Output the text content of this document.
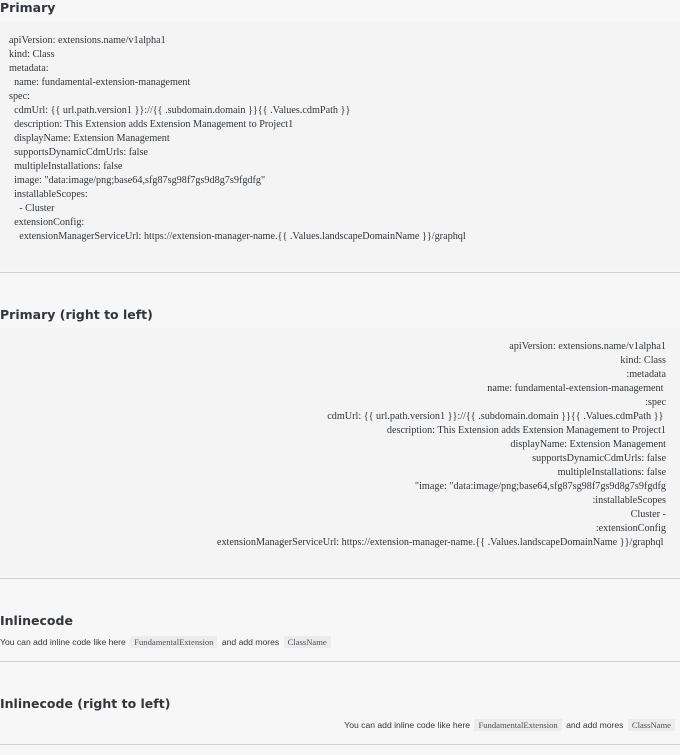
Primary
apiVersion: extensions.name/v1alpha1
kind: Class
metadata:
name: fundamental-extension-management
spec:
cdmUrl: {{ url.path.version1 }}://{{ .subdomain.domain }}{{ .Values.cdmPath }}
description: This Extension adds Extension Management to Project1
displayName: Extension Management
supportsDynamicCdmUrls: false
multipleInstallations: false
image: "data:image/png;base64,sfg87sg98f7gs9d8g7s9fgdfg"
installableScopes:
- Cluster
extensionConfig:
extensionManagerServiceUrl: https://extension-manager-name.{{ .Values.landscapeDomainName }}/graphql
Primary (right to left)
apiVersion: extensions.name/v1alpha1
kind: Class
:metadata
name: fundamental-extension-management
:spec
cdmUrl: {{ url.path.version1 }}://{{ .subdomain.domain }}{{ .Values.cdmPath }}
description: This Extension adds Extension Management to Project1
displayName: Extension Management
supportsDynamicCdmUrls: false
multipleInstallations: false
"image: "data:image/png;base64,sfg87sg98f7gs9d8g7s9fgdfg
:installableScopes
Cluster -
:extensionConfig
extensionManagerServiceUrl: https://extension-manager-name.{{ .Values.landscapeDomainName }}/graphql
Inlinecode
You can add inline code like here FundamentalExtension and add mores ClassName
Inlinecode (right to left)
You can add inline code like here FundamentalExtension and add mores ClassName
